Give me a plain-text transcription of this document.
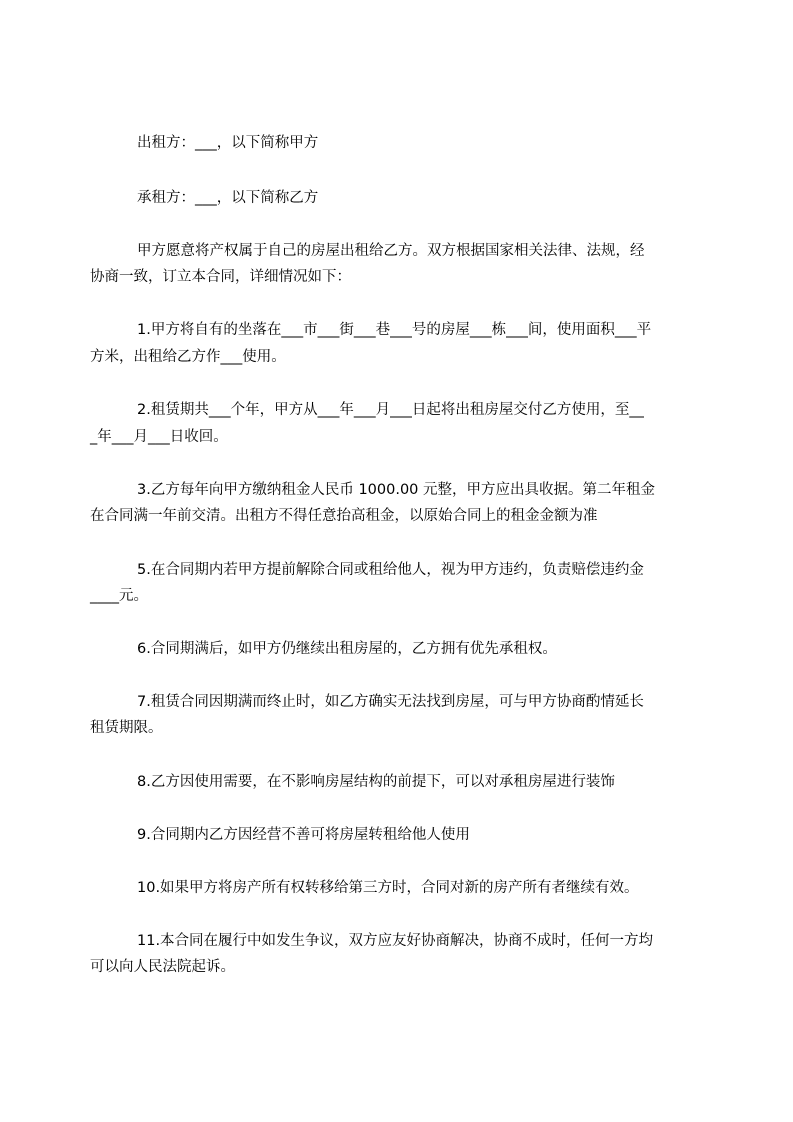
出租方：___，以下简称甲方
承租方：___，以下简称乙方
甲方愿意将产权属于自己的房屋出租给乙方。双方根据国家相关法律、法规，经
协商一致，订立本合同，详细情况如下：
1.甲方将自有的坐落在___市___街___巷___号的房屋___栋___间，使用面积___平
方米，出租给乙方作___使用。
2.租赁期共___个年，甲方从___年___月___日起将出租房屋交付乙方使用，至__
_年___月___日收回。
3.乙方每年向甲方缴纳租金人民币 1000.00 元整，甲方应出具收据。第二年租金
在合同满一年前交清。出租方不得任意抬高租金，以原始合同上的租金金额为准
5.在合同期内若甲方提前解除合同或租给他人，视为甲方违约，负责赔偿违约金
____元。
6.合同期满后，如甲方仍继续出租房屋的，乙方拥有优先承租权。
7.租赁合同因期满而终止时，如乙方确实无法找到房屋，可与甲方协商酌情延长
租赁期限。
8.乙方因使用需要，在不影响房屋结构的前提下，可以对承租房屋进行装饰
9.合同期内乙方因经营不善可将房屋转租给他人使用
10.如果甲方将房产所有权转移给第三方时，合同对新的房产所有者继续有效。
11.本合同在履行中如发生争议，双方应友好协商解决，协商不成时，任何一方均
可以向人民法院起诉。
